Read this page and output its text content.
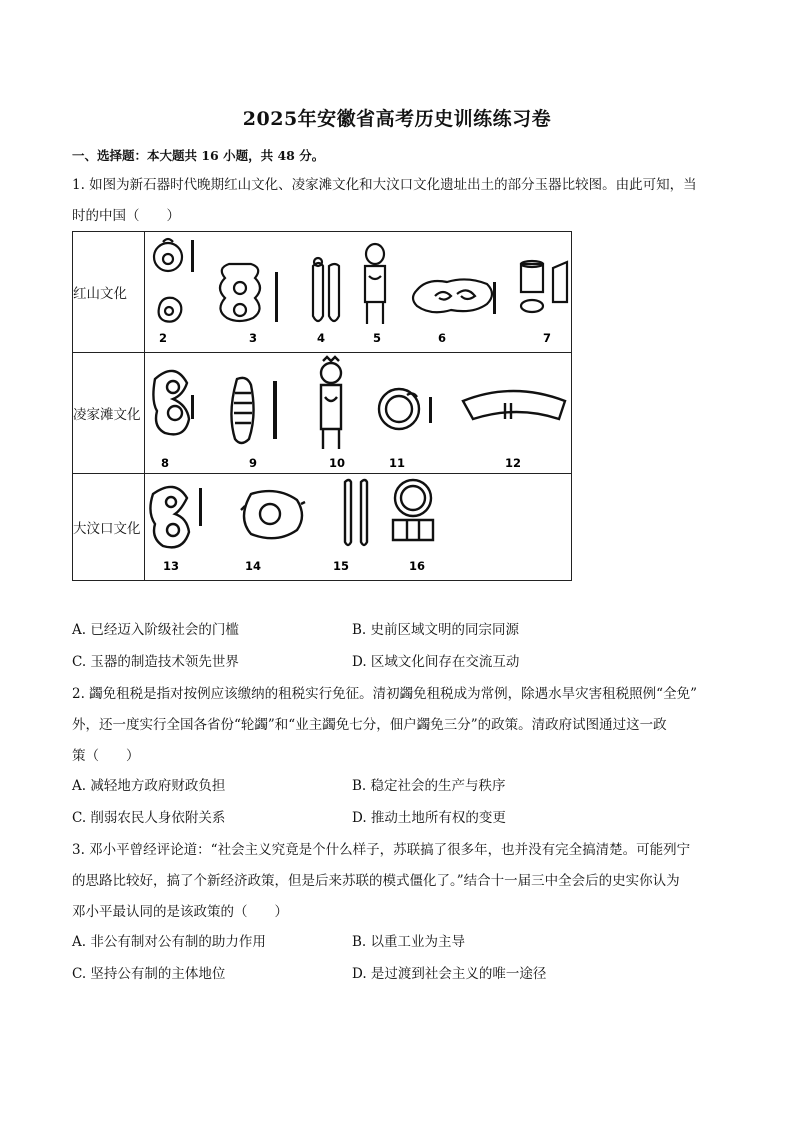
2025年安徽省高考历史训练练习卷
一、选择题：本大题共 16 小题，共 48 分。
1. 如图为新石器时代晚期红山文化、凌家滩文化和大汶口文化遗址出土的部分玉器比较图。由此可知，当
时的中国（　　）
红山文化
2	3	4	5	6	7
凌家滩文化
8	9	10	11	12
大汶口文化
13	14	15	16
A. 已经迈入阶级社会的门槛	B. 史前区域文明的同宗同源
C. 玉器的制造技术领先世界	D. 区域文化间存在交流互动
2. 蠲免租税是指对按例应该缴纳的租税实行免征。清初蠲免租税成为常例，除遇水旱灾害租税照例“全免”
外，还一度实行全国各省份“轮蠲”和“业主蠲免七分，佃户蠲免三分”的政策。清政府试图通过这一政
策（　　）
A. 减轻地方政府财政负担	B. 稳定社会的生产与秩序
C. 削弱农民人身依附关系	D. 推动土地所有权的变更
3. 邓小平曾经评论道：“社会主义究竟是个什么样子，苏联搞了很多年，也并没有完全搞清楚。可能列宁
的思路比较好，搞了个新经济政策，但是后来苏联的模式僵化了。”结合十一届三中全会后的史实你认为
邓小平最认同的是该政策的（　　）
A. 非公有制对公有制的助力作用	B. 以重工业为主导
C. 坚持公有制的主体地位	D. 是过渡到社会主义的唯一途径
